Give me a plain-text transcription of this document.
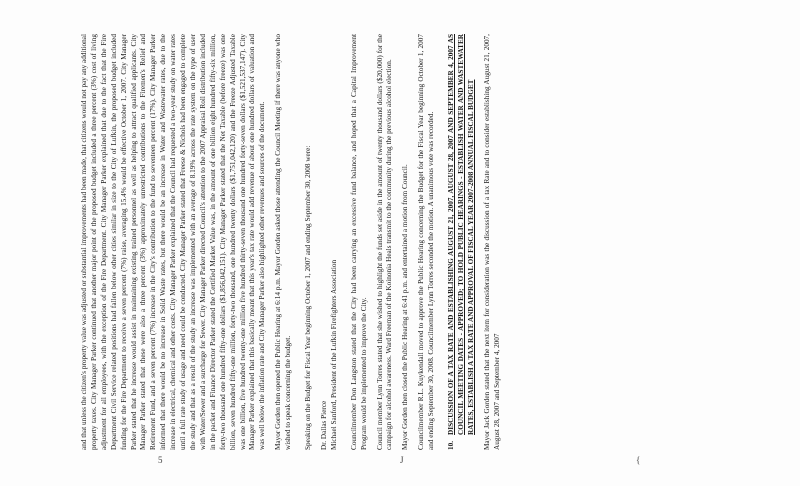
and that unless the citizen's property value was adjusted or substantial improvements had been made, that citizens would not pay any additional property taxes. City Manager Parker continued that another major point of the proposed budget included a three percent (3%) cost of living adjustment for all employees, with the exception of the Fire Department. City Manager Parker explained that due to the fact that the Fire Department Civil Service related positions had fallen below other cities similar in size to the City of Lufkin, the proposed budget included funding for the Fire Department to receive a seven percent (7%) raise, averaging 15.4% would be effective October 1, 2007. City Manager Parker stated that he increase would assist in maintaining existing trained personnel as well as helping to attract qualified applicants. City Manager Parker stated that these were also a three percent (3%) approximately unrestricted contributions to the Firemen's Relief and Retirement Fund, and a seven percent (7%) increase in the City's contribution to the fund to seventeen percent (17%). City Manager Parker informed that there would be no increase in Solid Waste rates, but there would be an increase in Water and Wastewater rates, due to the increase in electrical, chemical and other costs. City Manager Parker explained that the Council had requested a two-year study on water rates until a full rate study of usage and need could be conducted. City Manager Parker stated that Freese & Nichols had been engaged to complete the study and that as a result of the study an increase was implemented with an average of 8.19% across the rate system on the type of user with Water/Sewer and a surcharge for Sewer. City Manager Parker directed Council's attention to the 2007 Appraisal Roll distribution included in the packet and Finance Director Parker stated the Certified Market Value was, in the amount of one billion eight hundred fifty-six million, forty-two thousand one hundred fifty-one dollars ($1,856,042,151). City Manager Parker stated that the Net Taxable (before freeze) was one billion, seven hundred fifty-one million, forty-two thousand, one hundred twenty dollars ($1,751,042,120) and the Freeze Adjusted Taxable was one billion, five hundred twenty-one million five hundred thirty-seven thousand one hundred forty-seven dollars ($1,521,537,147). City Manager Parker explained that this basically meant that this year's tax rate would add revenue of about one hundred dollars of valuation and was well below the inflation rate and City Manager Parker also highlighted other revenues and sources of the document. Mayor Gorden then opened the Public Hearing at 6:14 p.m. Mayor Gorden asked those attending the Council Meeting if there was anyone who wished to speak concerning the budget. Speaking on the Budget for Fiscal Year beginning October 1, 2007 and ending September 30, 2008 were: Dr. Dallas Pierce
Michael Sanford, President of the Lufkin Firefighters Association Councilmember Don Langston stated that the City had been carrying an excessive fund balance, and hoped that a Capital Improvement Program would be implemented to improve the City. Council member Lynn Torres stated that she wished to highlight the funds set aside in the amount of twenty thousand dollars ($20,000) for the campaign for alcohol awareness. Ward Freeman of the Koinonia Heals transmit to the community during the previous alcohol election. Mayor Gorden then closed the Public Hearing at 6:41 p.m. and entertained a motion from Council. Councilmember R.L. Kuykendall moved to approve the Public Hearing concerning the Budget for the Fiscal Year beginning October 1, 2007 and ending September 30, 2008. Councilmember Lynn Torres seconded the motion. A unanimous vote was recorded. 10.
DISCUSSION OF A TAX RATE AND ESTABLISHING AUGUST 21, 2007, AUGUST 28, 2007 AND SEPTEMBER 4, 2007 AS COUNCIL MEETING DATES - APPROVED; TO HOLD PUBLIC HEARINGS - ESTABLISH WATER AND WASTEWATER RATES, ESTABLISH A TAX RATE AND APPROVAL OF FISCAL YEAR 2007-2008 ANNUAL FISCAL BUDGET Mayor Jack Gorden stated that the next item for consideration was the discussion of a tax Rate and to consider establishing August 21, 2007, August 28, 2007 and September 4, 2007

5	J	{
